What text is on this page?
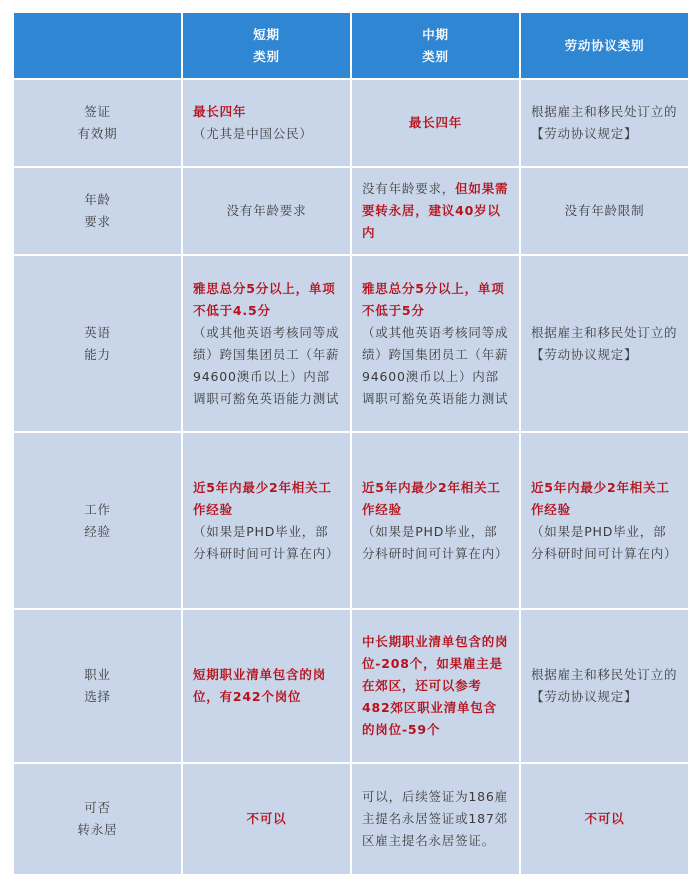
短期
类别
中期
类别
劳动协议类别
签证
有效期
最长四年
（尤其是中国公民）
最长四年
根据雇主和移民处订立的【劳动协议规定】
年龄
要求
没有年龄要求
没有年龄要求，但如果需要转永居，建议40岁以内
没有年龄限制
英语
能力
雅思总分5分以上，单项不低于4.5分
（或其他英语考核同等成绩）跨国集团员工（年薪94600澳币以上）内部调职可豁免英语能力测试
雅思总分5分以上，单项不低于5分
（或其他英语考核同等成绩）跨国集团员工（年薪94600澳币以上）内部调职可豁免英语能力测试
根据雇主和移民处订立的【劳动协议规定】
工作
经验
近5年内最少2年相关工作经验
（如果是PHD毕业，部分科研时间可计算在内）
近5年内最少2年相关工作经验
（如果是PHD毕业，部分科研时间可计算在内）
近5年内最少2年相关工作经验
（如果是PHD毕业，部分科研时间可计算在内）
职业
选择
短期职业清单包含的岗位，有242个岗位
中长期职业清单包含的岗位-208个，如果雇主是在郊区，还可以参考482郊区职业清单包含的岗位-59个
根据雇主和移民处订立的【劳动协议规定】
可否
转永居
不可以
可以，后续签证为186雇主提名永居签证或187郊区雇主提名永居签证。
不可以
